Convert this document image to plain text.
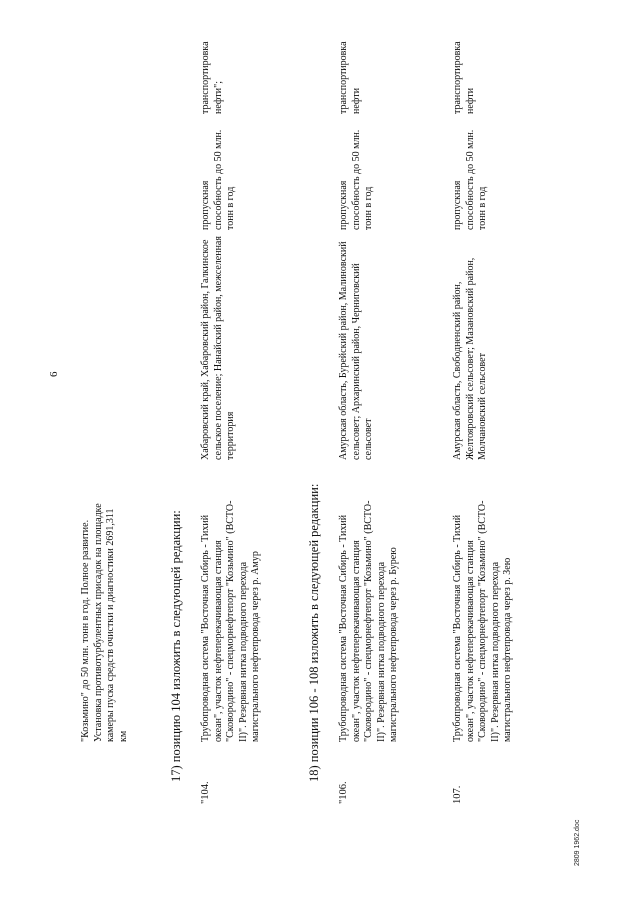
6
"Козьмино" до 50 млн. тонн в год. Полное развитие. Установка противотурбулентных присадок на площадке камеры пуска средств очистки и диагностики 2691,311 км	17) позицию 104 изложить в следующей редакции:
"104.
Трубопроводная система "Восточная Сибирь - Тихий океан", участок нефтеперекачивающая станция "Сковородино" - спецморнефтепорт "Козьмино" (ВСТО-II)". Резервная нитка подводного перехода магистрального нефтепровода через р. Амур
Хабаровский край, Хабаровский район, Галкинское сельское поселение; Нанайский район, межселенная территория
пропускная способность до 50 млн. тонн в год
транспортировка нефти";
18) позиции 106 - 108 изложить в следующей редакции:
"106.
Трубопроводная система "Восточная Сибирь - Тихий океан", участок нефтеперекачивающая станция "Сковородино" - спецморнефтепорт "Козьмино" (ВСТО-II)". Резервная нитка подводного перехода магистрального нефтепровода через р. Бурею
Амурская область, Бурейский район, Малиновский сельсовет; Архаринский район, Черниговский сельсовет
пропускная способность до 50 млн. тонн в год
транспортировка нефти
107.
Трубопроводная система "Восточная Сибирь - Тихий океан", участок нефтеперекачивающая станция "Сковородино" - спецморнефтепорт "Козьмино" (ВСТО-II)". Резервная нитка подводного перехода магистрального нефтепровода через р. Зею
Амурская область, Свободненский район, Желтояровский сельсовет; Мазановский район, Молчановский сельсовет
пропускная способность до 50 млн. тонн в год
транспортировка нефти
2809 1962.doc
